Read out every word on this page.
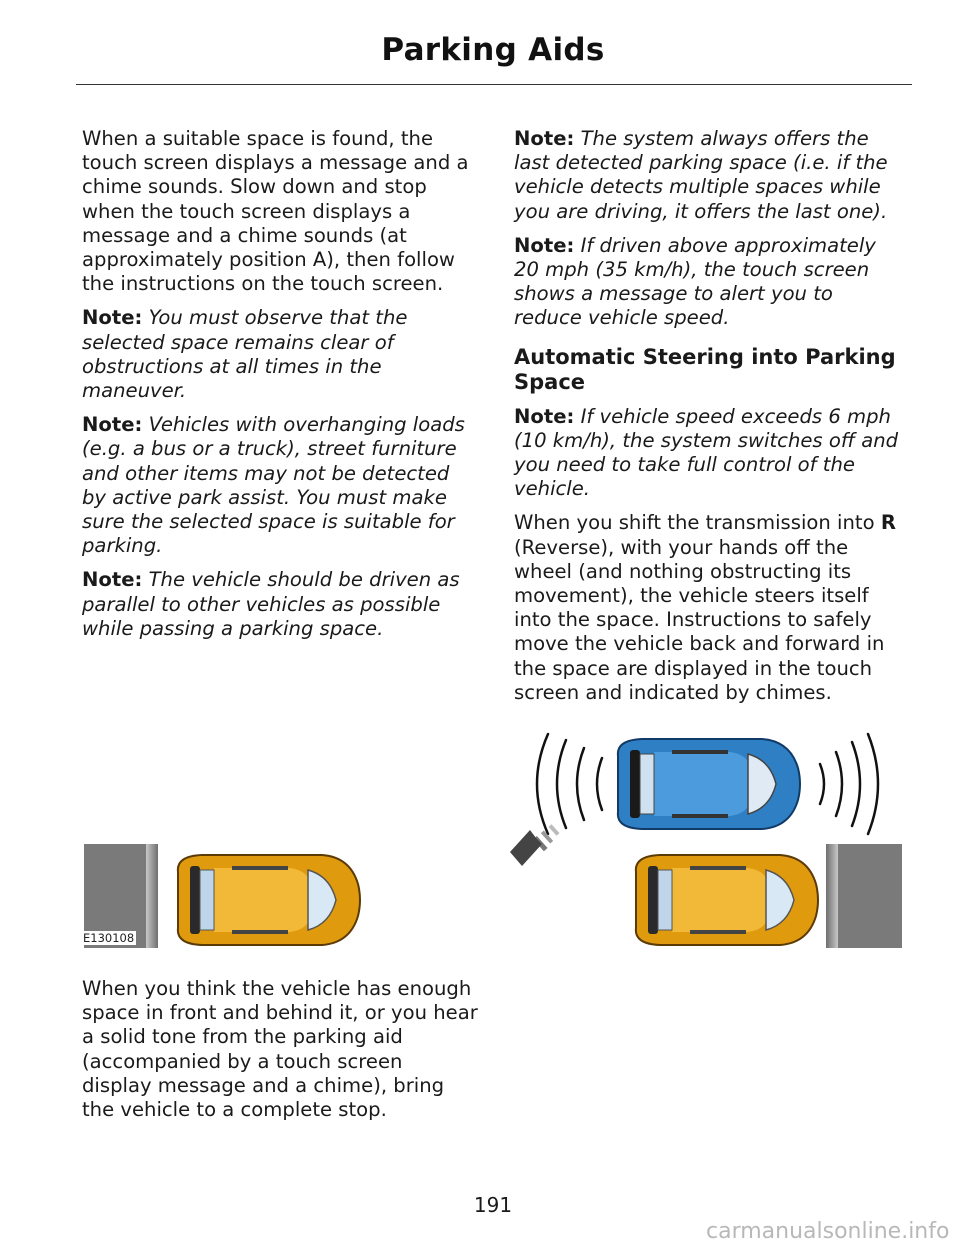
Parking Aids

When a suitable space is found, the touch screen displays a message and a chime sounds. Slow down and stop when the touch screen displays a message and a chime sounds (at approximately position A), then follow the instructions on the touch screen.

Note: You must observe that the selected space remains clear of obstructions at all times in the maneuver.

Note: Vehicles with overhanging loads (e.g. a bus or a truck), street furniture and other items may not be detected by active park assist. You must make sure the selected space is suitable for parking.

Note: The vehicle should be driven as parallel to other vehicles as possible while passing a parking space.

Note: The system always offers the last detected parking space (i.e. if the vehicle detects multiple spaces while you are driving, it offers the last one).

Note: If driven above approximately 20 mph (35 km/h), the touch screen shows a message to alert you to reduce vehicle speed.

Automatic Steering into Parking Space

Note: If vehicle speed exceeds 6 mph (10 km/h), the system switches off and you need to take full control of the vehicle.

When you shift the transmission into R (Reverse), with your hands off the wheel (and nothing obstructing its movement), the vehicle steers itself into the space. Instructions to safely move the vehicle back and forward in the space are displayed in the touch screen and indicated by chimes.

E130108

When you think the vehicle has enough space in front and behind it, or you hear a solid tone from the parking aid (accompanied by a touch screen display message and a chime), bring the vehicle to a complete stop.

191
carmanualsonline.info
